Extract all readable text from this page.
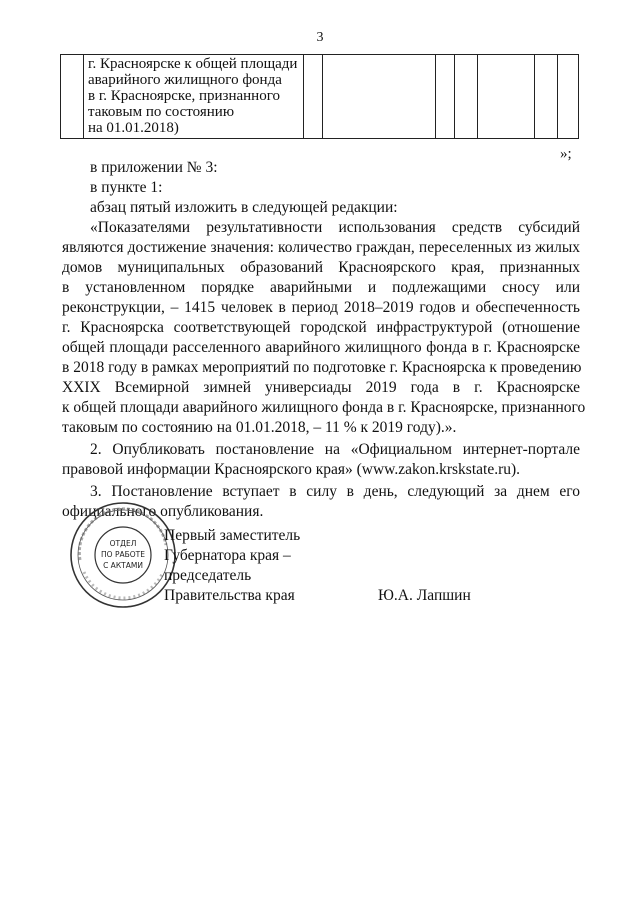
3

г. Красноярске к общей площади
аварийного жилищного фонда
в г. Красноярске, признанного
таковым по состоянию
на 01.01.2018)

»;
в приложении № 3:
в пункте 1:
абзац пятый изложить в следующей редакции:
«Показателями результативности использования средств субсидий
являются достижение значения: количество граждан, переселенных из жилых
домов муниципальных образований Красноярского края, признанных
в установленном порядке аварийными и подлежащими сносу или
реконструкции, – 1415 человек в период 2018–2019 годов и обеспеченность
г. Красноярска соответствующей городской инфраструктурой (отношение
общей площади расселенного аварийного жилищного фонда в г. Красноярске
в 2018 году в рамках мероприятий по подготовке г. Красноярска к проведению
XXIX Всемирной зимней универсиады 2019 года в г. Красноярске
к общей площади аварийного жилищного фонда в г. Красноярске, признанного
таковым по состоянию на 01.01.2018, – 11 % к 2019 году).».
2. Опубликовать постановление на «Официальном интернет-портале
правовой информации Красноярского края» (www.zakon.krskstate.ru).
3. Постановление вступает в силу в день, следующий за днем его
официального опубликования.
ОТДЕЛ
ПО РАБОТЕ
С АКТАМИ
Первый заместитель
Губернатора края –
председатель
Правительства края	Ю.А. Лапшин
